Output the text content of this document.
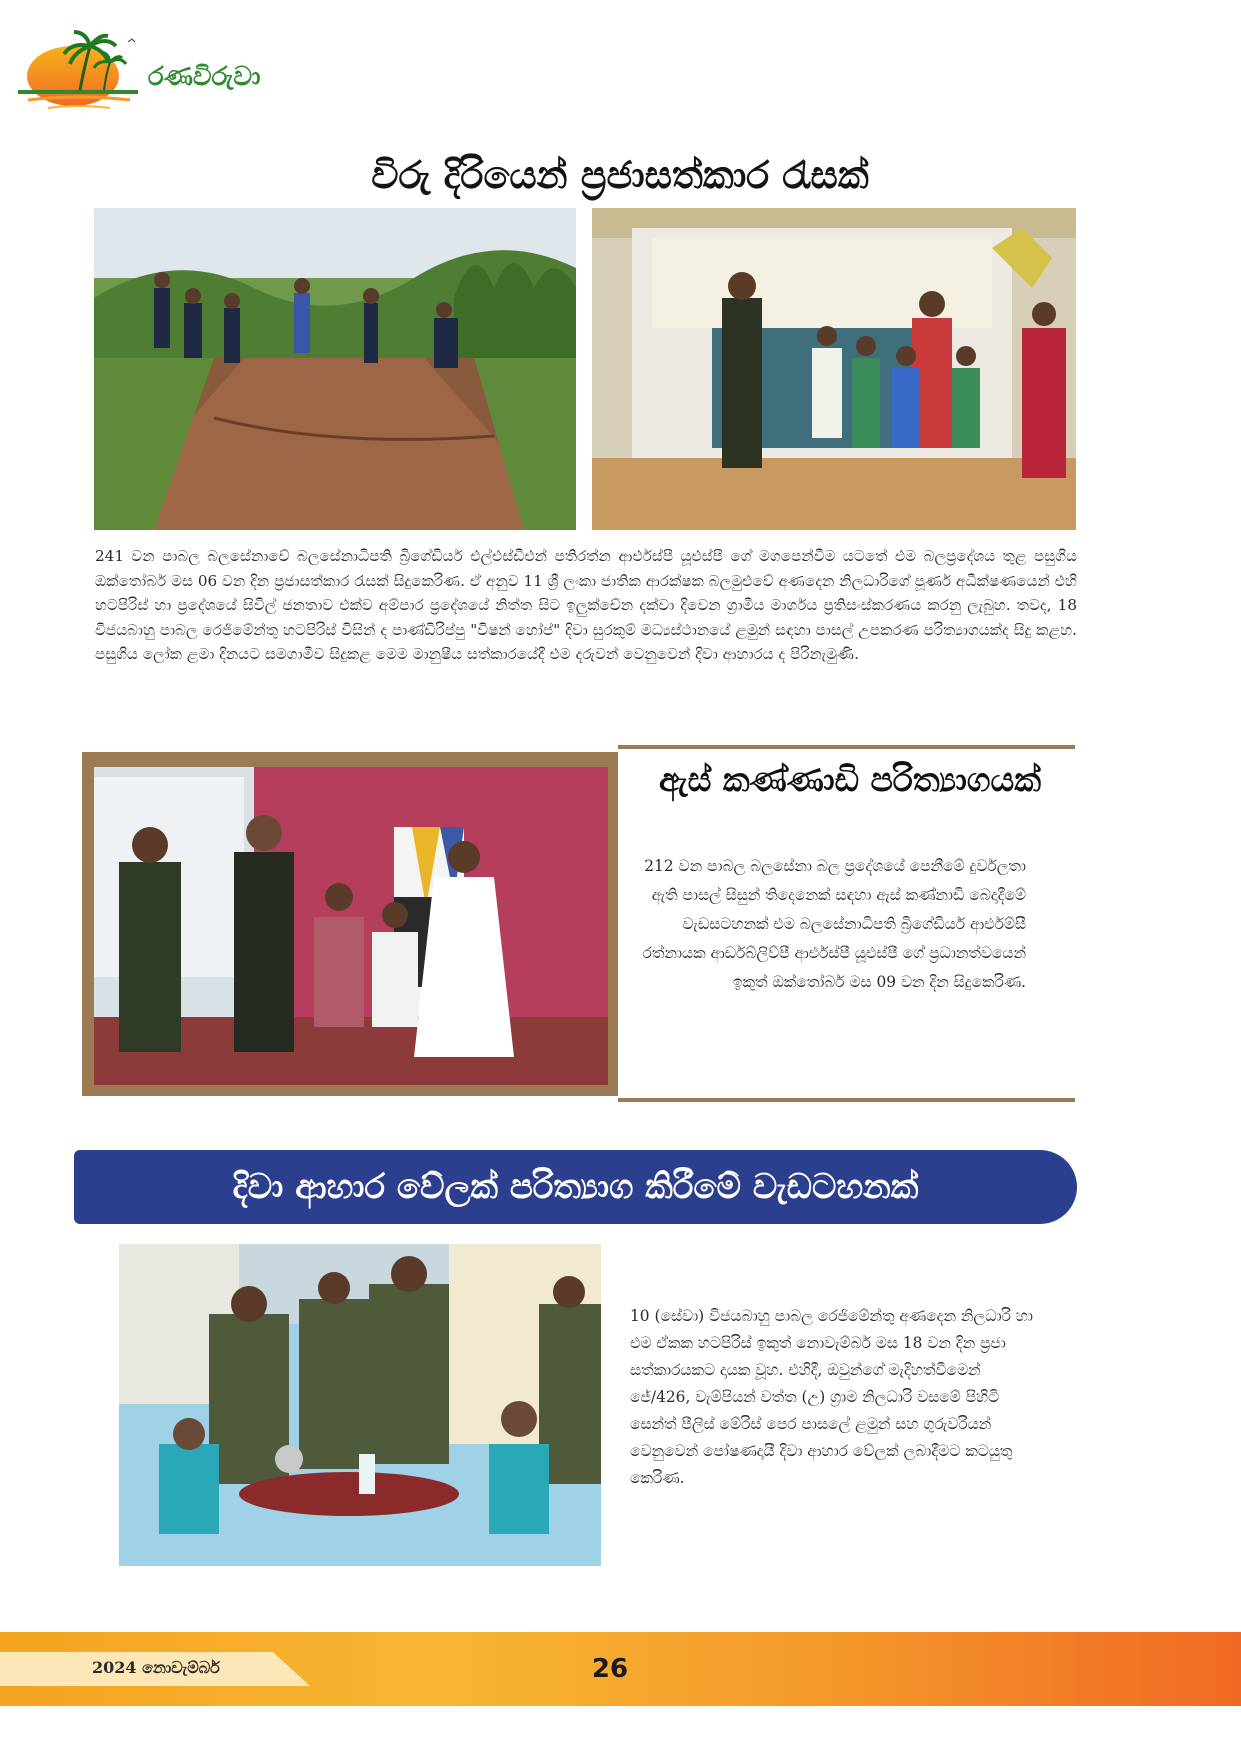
රණවිරුවා
විරු දිරියෙන් ප්‍රජාසත්කාර රැසක්
241 වන පාබල බලසේනාවේ බලසේනාධිපති බ්‍රිගේඩියර් එල්එස්ඩීඑන් පතිරත්න ආර්එස්පී යූඑස්පී ගේ මගපෙන්වීම යටතේ එම බලප්‍රදේශය තුළ පසුගිය ඔක්තෝබර් මස 06 වන දින ප්‍රජාසත්කාර රැසක් සිදුකෙරිණ. ඒ අනුව 11 ශ්‍රී ලංකා ජාතික ආරක්ෂක බලමුළුවේ අණදෙන නිලධාරිගේ පූර්ණ අධීක්ෂණයෙන් එහි හටපිරිස් හා ප්‍රදේශයේ සිවිල් ජනතාව එක්ව අම්පාර ප්‍රදේශයේ නිත්ත සිට ඉලුක්චේන දක්වා දිවෙන ග්‍රාමීය මාර්ගය ප්‍රතිසංස්කරණය කරනු ලැබුහ. තවද, 18 විජයබාහු පාබල රෙජිමේන්තු හටපිරිස් විසින් ද පාණ්ඩිරිප්පු "විෂන් හෝප්" දිවා සුරකුම් මධ්‍යස්ථානයේ ළමුන් සඳහා පාසල් උපකරණ පරිත්‍යාගයක්ද සිදු කළහ. පසුගිය ලෝක ළමා දිනයට සමගාමීව සිදුකළ මෙම මානුෂීය සත්කාරයේදී එම දරුවන් වෙනුවෙන් දිවා ආහාරය ද පිරිනැමුණි.
ඇස් කණ්ණාඩි පරිත්‍යාගයක්
212 වන පාබල බලසේනා බල ප්‍රදේශයේ පෙනීමේ දුර්වලතා ඇති පාසල් සිසුන් තිදෙනෙක් සඳහා ඇස් කණ්නාඩි බෙදාදීමේ වැඩසටහනක් එම බලසේනාධිපති බ්‍රිගේඩියර් ආර්එම්සී රත්නායක ආර්ඩබ්ලිව්පී ආර්එස්පී යූඑස්පී ගේ ප්‍රධානත්වයෙන් ඉකුත් ඔක්තෝබර් මස 09 වන දින සිදුකෙරිණ.
දිවා ආහාර වේලක් පරිත්‍යාග කිරීමේ වැඩටහනක්
10 (සේවා) විජයබාහු පාබල රෙජිමේන්තු අණදෙන නිලධාරි හා එම ඒකක හටපිරිස් ඉකුත් නොවැම්බර් මස 18 වන දින ප්‍රජා සත්කාරයකට දායක වූහ. එහිදී, ඔවුන්ගේ මැදිහත්වීමෙන් ජේ/426, වැම්පියන් වත්ත (උ) ග්‍රාම නිලධාරි වසමේ පිහිටි සෙන්ත් පීලිස් මේරිස් පෙර පාසලේ ළමුන් සහ ගුරුවරියන් වෙනුවෙන් පෝෂණදායී දිවා ආහාර වේලක් ලබාදීමට කටයුතු කෙරිණ.
2024 නොවැම්බර්	26
